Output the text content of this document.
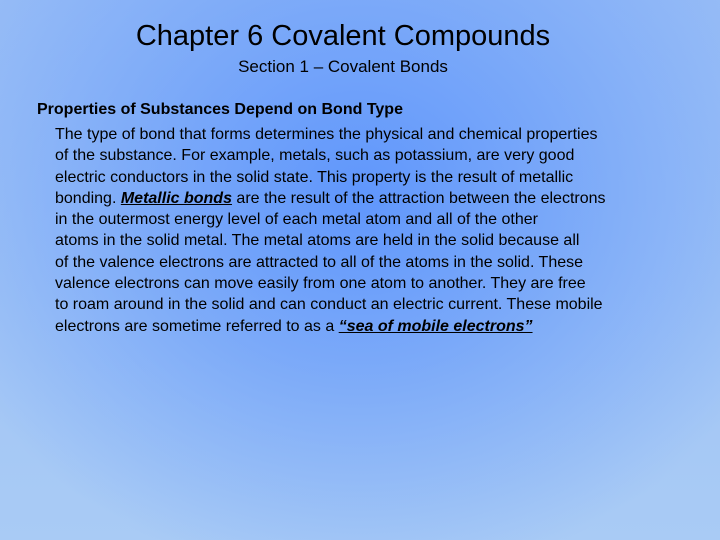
Chapter 6 Covalent Compounds
Section 1 – Covalent Bonds
Properties of Substances Depend on Bond Type
The type of bond that forms determines the physical and chemical properties
of the substance. For example, metals, such as potassium, are very good
electric conductors in the solid state. This property is the result of metallic
bonding. Metallic bonds are the result of the attraction between the electrons
in the outermost energy level of each metal atom and all of the other
atoms in the solid metal. The metal atoms are held in the solid because all
of the valence electrons are attracted to all of the atoms in the solid. These
valence electrons can move easily from one atom to another. They are free
to roam around in the solid and can conduct an electric current. These mobile
electrons are sometime referred to as a “sea of mobile electrons”
